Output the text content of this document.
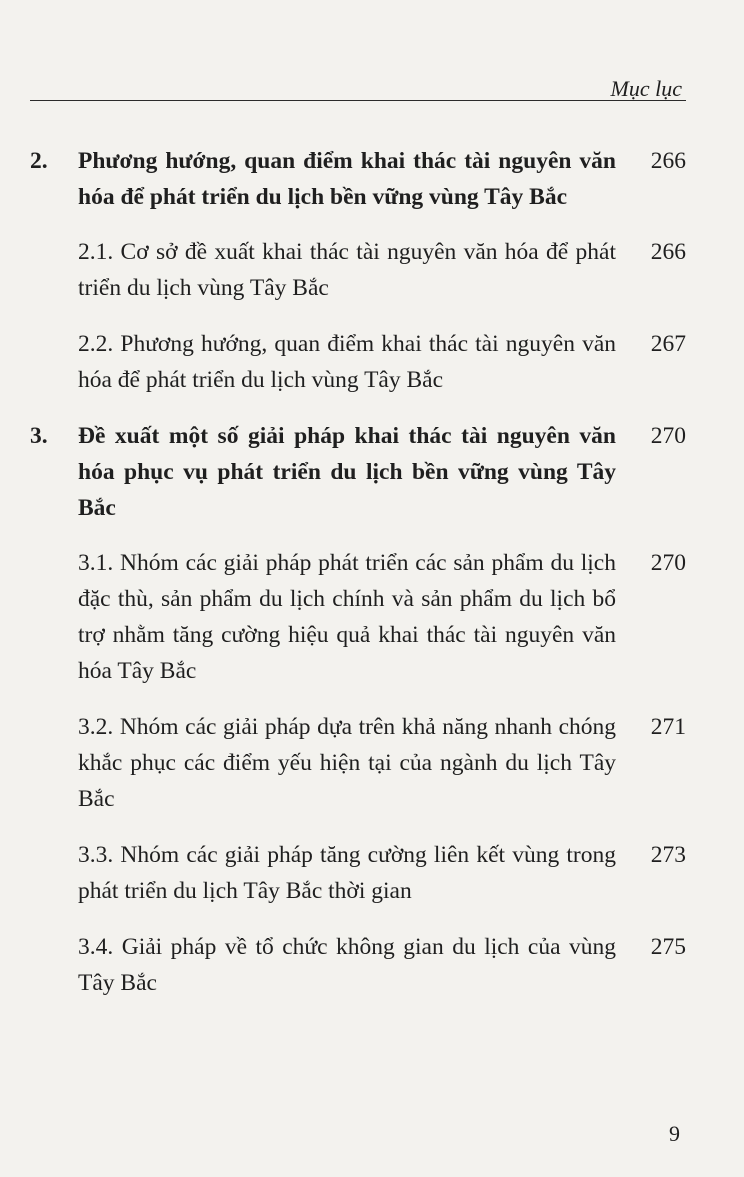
Mục lục
2.	Phương hướng, quan điểm khai thác tài nguyên văn hóa để phát triển du lịch bền vững vùng Tây Bắc
266
2.1. Cơ sở đề xuất khai thác tài nguyên văn hóa để phát triển du lịch vùng Tây Bắc
266
2.2. Phương hướng, quan điểm khai thác tài nguyên văn hóa để phát triển du lịch vùng Tây Bắc
267
3.	Đề xuất một số giải pháp khai thác tài nguyên văn hóa phục vụ phát triển du lịch bền vững vùng Tây Bắc
270
3.1. Nhóm các giải pháp phát triển các sản phẩm du lịch đặc thù, sản phẩm du lịch chính và sản phẩm du lịch bổ trợ nhằm tăng cường hiệu quả khai thác tài nguyên văn hóa Tây Bắc
270
3.2. Nhóm các giải pháp dựa trên khả năng nhanh chóng khắc phục các điểm yếu hiện tại của ngành du lịch Tây Bắc
271
3.3. Nhóm các giải pháp tăng cường liên kết vùng trong phát triển du lịch Tây Bắc thời gian
273
3.4. Giải pháp về tổ chức không gian du lịch của vùng Tây Bắc
275
9
